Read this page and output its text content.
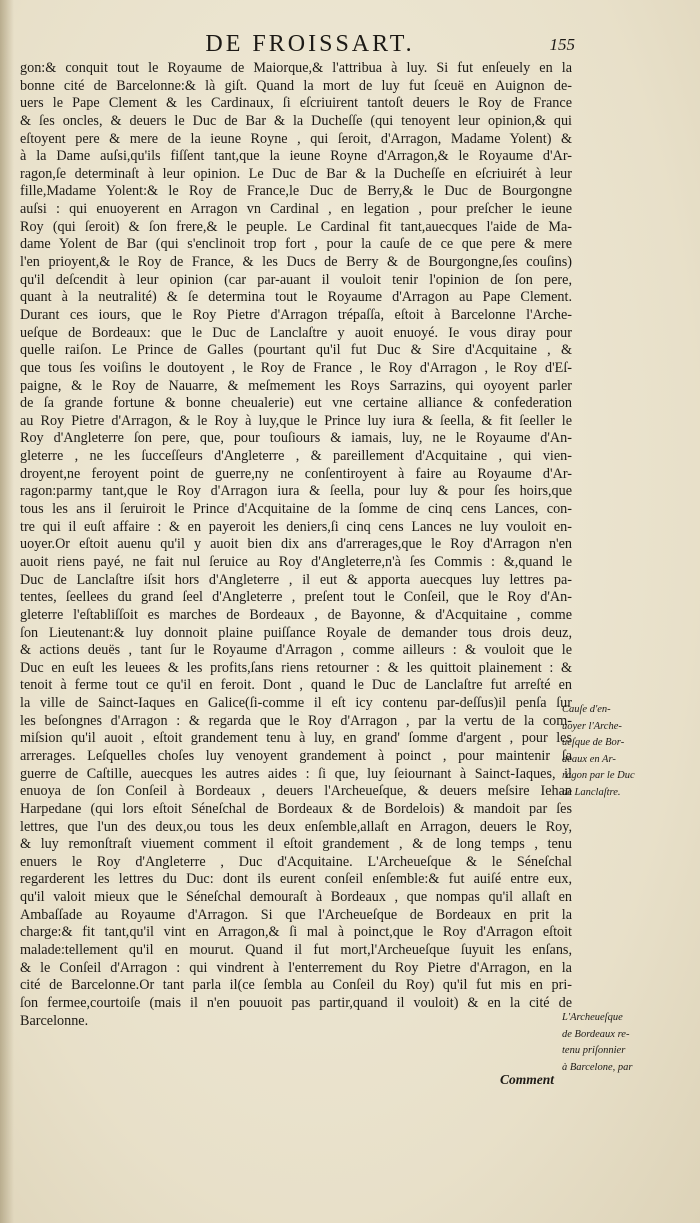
DE FROISSART.	155
gon:& conquit tout le Royaume de Maiorque,& l'attribua à luy. Si fut enſeuely en la
bonne cité de Barcelonne:& là giſt. Quand la mort de luy fut ſceuë en Auignon de-
uers le Pape Clement & les Cardinaux, ſi eſcriuirent tantoſt deuers le Roy de France
& ſes oncles, & deuers le Duc de Bar & la Ducheſſe (qui tenoyent leur opinion,& qui
eſtoyent pere & mere de la ieune Royne , qui ſeroit, d'Arragon, Madame Yolent) &
à la Dame auſsi,qu'ils fiſſent tant,que la ieune Royne d'Arragon,& le Royaume d'Ar-
ragon,ſe determinaſt à leur opinion. Le Duc de Bar & la Ducheſſe en eſcriuirét à leur
fille,Madame Yolent:& le Roy de France,le Duc de Berry,& le Duc de Bourgongne
auſsi : qui enuoyerent en Arragon vn Cardinal , en legation , pour preſcher le ieune
Roy (qui ſeroit) & ſon frere,& le peuple. Le Cardinal fit tant,auecques l'aide de Ma-
dame Yolent de Bar (qui s'enclinoit trop fort , pour la cauſe de ce que pere & mere
l'en prioyent,& le Roy de France, & les Ducs de Berry & de Bourgongne,ſes couſins)
qu'il deſcendit à leur opinion (car par-auant il vouloit tenir l'opinion de ſon pere,
quant à la neutralité) & ſe determina tout le Royaume d'Arragon au Pape Clement.
Durant ces iours, que le Roy Pietre d'Arragon trépaſſa, eſtoit à Barcelonne l'Arche-
ueſque de Bordeaux: que le Duc de Lanclaſtre y auoit enuoyé. Ie vous diray pour
quelle raiſon. Le Prince de Galles (pourtant qu'il fut Duc & Sire d'Acquitaine , &
que tous ſes voiſins le doutoyent , le Roy de France , le Roy d'Arragon , le Roy d'Eſ-
paigne, & le Roy de Nauarre, & meſmement les Roys Sarrazins, qui oyoyent parler
de ſa grande fortune & bonne cheualerie) eut vne certaine alliance & confederation
au Roy Pietre d'Arragon, & le Roy à luy,que le Prince luy iura & ſeella, & fit ſeeller le
Roy d'Angleterre ſon pere, que, pour touſiours & iamais, luy, ne le Royaume d'An-
gleterre , ne les ſucceſſeurs d'Angleterre , & pareillement d'Acquitaine , qui vien-
droyent,ne feroyent point de guerre,ny ne conſentiroyent à faire au Royaume d'Ar-
ragon:parmy tant,que le Roy d'Arragon iura & ſeella, pour luy & pour ſes hoirs,que
tous les ans il ſeruiroit le Prince d'Acquitaine de la ſomme de cinq cens Lances, con-
tre qui il euſt affaire : & en payeroit les deniers,ſi cinq cens Lances ne luy vouloit en-
uoyer.Or eſtoit auenu qu'il y auoit bien dix ans d'arrerages,que le Roy d'Arragon n'en
auoit riens payé, ne fait nul ſeruice au Roy d'Angleterre,n'à ſes Commis : &,quand le
Duc de Lanclaſtre iſsit hors d'Angleterre , il eut & apporta auecques luy lettres pa-
tentes, ſeellees du grand ſeel d'Angleterre , preſent tout le Conſeil, que le Roy d'An-
gleterre l'eſtabliſſoit es marches de Bordeaux , de Bayonne, & d'Acquitaine , comme
ſon Lieutenant:& luy donnoit plaine puiſſance Royale de demander tous drois deuz,
& actions deuës , tant ſur le Royaume d'Arragon , comme ailleurs : & vouloit que le
Duc en euſt les leuees & les profits,ſans riens retourner : & les quittoit plainement : &
tenoit à ferme tout ce qu'il en feroit. Dont , quand le Duc de Lanclaſtre fut arreſté en
la ville de Sainct-Iaques en Galice(ſi-comme il eſt icy contenu par-deſſus)il penſa ſur
les beſongnes d'Arragon : & regarda que le Roy d'Arragon , par la vertu de la com-
miſsion qu'il auoit , eſtoit grandement tenu à luy, en grand' ſomme d'argent , pour les
arrerages. Leſquelles choſes luy venoyent grandement à poinct , pour maintenir ſa
guerre de Caſtille, auecques les autres aides : ſi que, luy ſeiournant à Sainct-Iaques, il
enuoya de ſon Conſeil à Bordeaux , deuers l'Archeueſque, & deuers meſsire Iehan
Harpedane (qui lors eſtoit Séneſchal de Bordeaux & de Bordelois) & mandoit par ſes
lettres, que l'un des deux,ou tous les deux enſemble,allaſt en Arragon, deuers le Roy,
& luy remonſtraſt viuement comment il eſtoit grandement , & de long temps , tenu
enuers le Roy d'Angleterre , Duc d'Acquitaine. L'Archeueſque & le Séneſchal
regarderent les lettres du Duc: dont ils eurent conſeil enſemble:& fut auiſé entre eux,
qu'il valoit mieux que le Séneſchal demouraſt à Bordeaux , que nompas qu'il allaſt en
Ambaſſade au Royaume d'Arragon. Si que l'Archeueſque de Bordeaux en prit la
charge:& fit tant,qu'il vint en Arragon,& ſi mal à poinct,que le Roy d'Arragon eſtoit
malade:tellement qu'il en mourut. Quand il fut mort,l'Archeueſque ſuyuit les enſans,
& le Conſeil d'Arragon : qui vindrent à l'enterrement du Roy Pietre d'Arragon, en la
cité de Barcelonne.Or tant parla il(ce ſembla au Conſeil du Roy) qu'il fut mis en pri-
ſon fermee,courtoiſe (mais il n'en pouuoit pas partir,quand il vouloit) & en la cité de
Barcelonne.
Cauſe d'en-
uoyer l'Arche-
ueſque de Bor-
deaux en Ar-
ragon par le Duc
de Lanclaſtre.
L'Archeueſque
de Bordeaux re-
tenu priſonnier
à Barcelone, par
Comment
